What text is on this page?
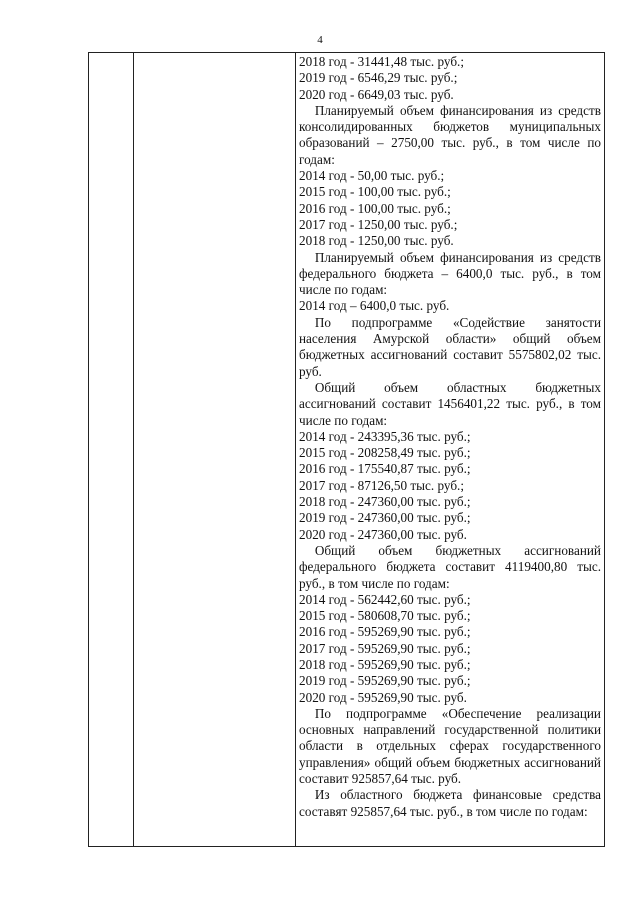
4
2018 год - 31441,48 тыс. руб.;
2019 год - 6546,29 тыс. руб.;
2020 год - 6649,03 тыс. руб.

Планируемый объем финансирования из средств консолидированных бюджетов муниципальных образований – 2750,00 тыс. руб., в том числе по годам:

2014 год - 50,00 тыс. руб.;
2015 год - 100,00 тыс. руб.;
2016 год - 100,00 тыс. руб.;
2017 год - 1250,00 тыс. руб.;
2018 год - 1250,00 тыс. руб.

Планируемый объем финансирования из средств федерального бюджета – 6400,0 тыс. руб., в том числе по годам:

2014 год – 6400,0 тыс. руб.

По подпрограмме «Содействие занятости населения Амурской области» общий объем бюджетных ассигнований составит 5575802,02 тыс. руб.

Общий объем областных бюджетных ассигнований составит 1456401,22 тыс. руб., в том числе по годам:

2014 год - 243395,36 тыс. руб.;
2015 год - 208258,49 тыс. руб.;
2016 год - 175540,87 тыс. руб.;
2017 год - 87126,50 тыс. руб.;
2018 год - 247360,00 тыс. руб.;
2019 год - 247360,00 тыс. руб.;
2020 год - 247360,00 тыс. руб.

Общий объем бюджетных ассигнований федерального бюджета составит 4119400,80 тыс. руб., в том числе по годам:

2014 год - 562442,60 тыс. руб.;
2015 год - 580608,70 тыс. руб.;
2016 год - 595269,90 тыс. руб.;
2017 год - 595269,90 тыс. руб.;
2018 год - 595269,90 тыс. руб.;
2019 год - 595269,90 тыс. руб.;
2020 год - 595269,90 тыс. руб.

По подпрограмме «Обеспечение реализации основных направлений государственной политики области в отдельных сферах государственного управления» общий объем бюджетных ассигнований составит 925857,64 тыс. руб.

Из областного бюджета финансовые средства составят 925857,64 тыс. руб., в том числе по годам:
